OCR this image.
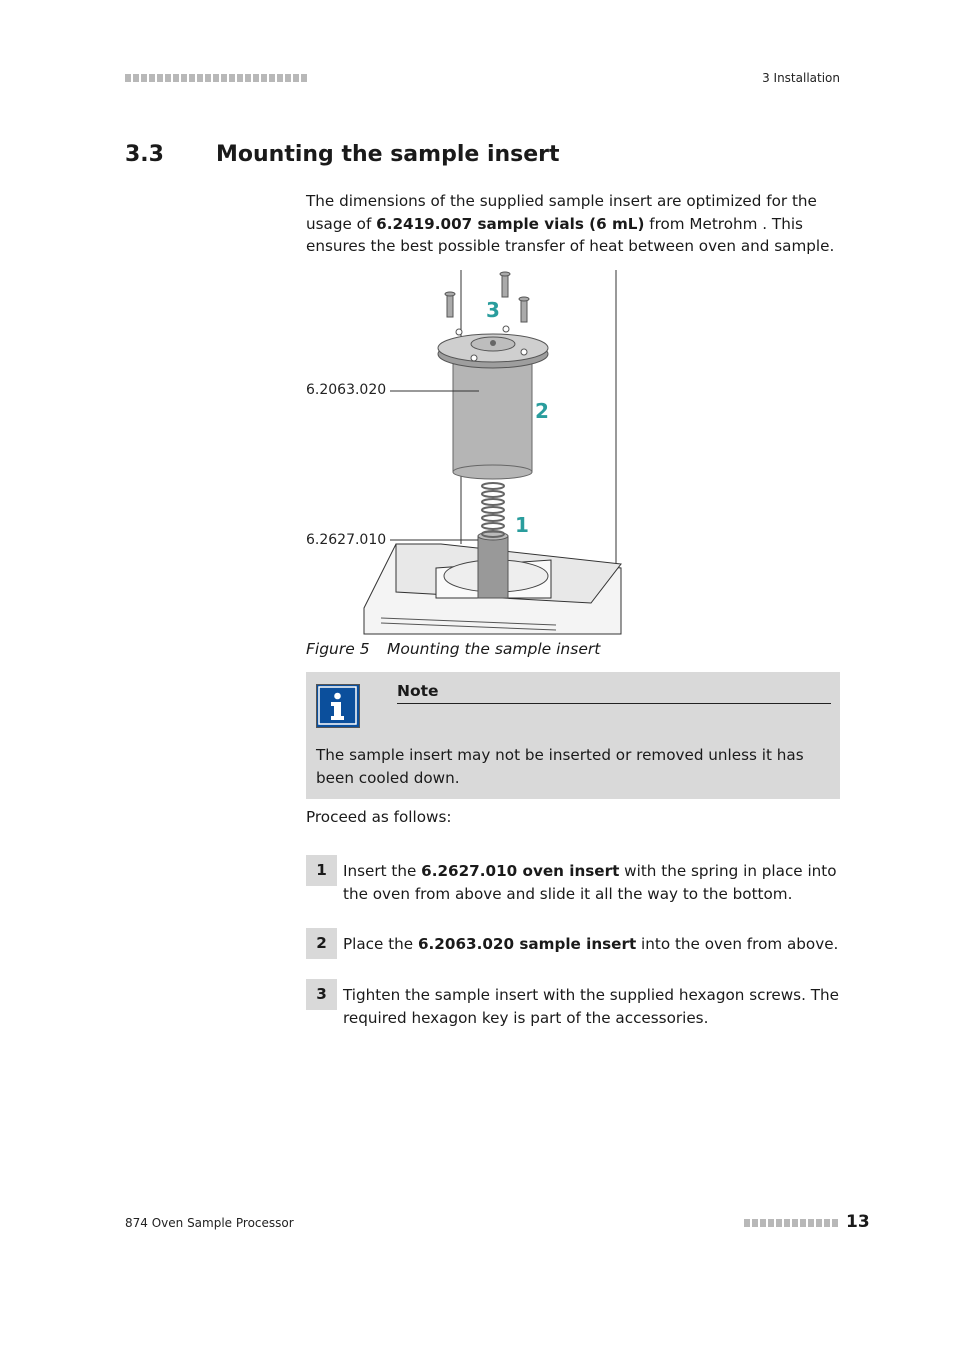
3 Installation
3.3 Mounting the sample insert
The dimensions of the supplied sample insert are optimized for the usage of 6.2419.007 sample vials (6 mL) from Metrohm . This ensures the best possible transfer of heat between oven and sample.
6.2063.020
6.2627.010
3
2
1
Figure 5 Mounting the sample insert
Note
The sample insert may not be inserted or removed unless it has been cooled down.
Proceed as follows:
1	Insert the 6.2627.010 oven insert with the spring in place into the oven from above and slide it all the way to the bottom.
2	Place the 6.2063.020 sample insert into the oven from above.
3	Tighten the sample insert with the supplied hexagon screws. The required hexagon key is part of the accessories.
874 Oven Sample Processor	13
